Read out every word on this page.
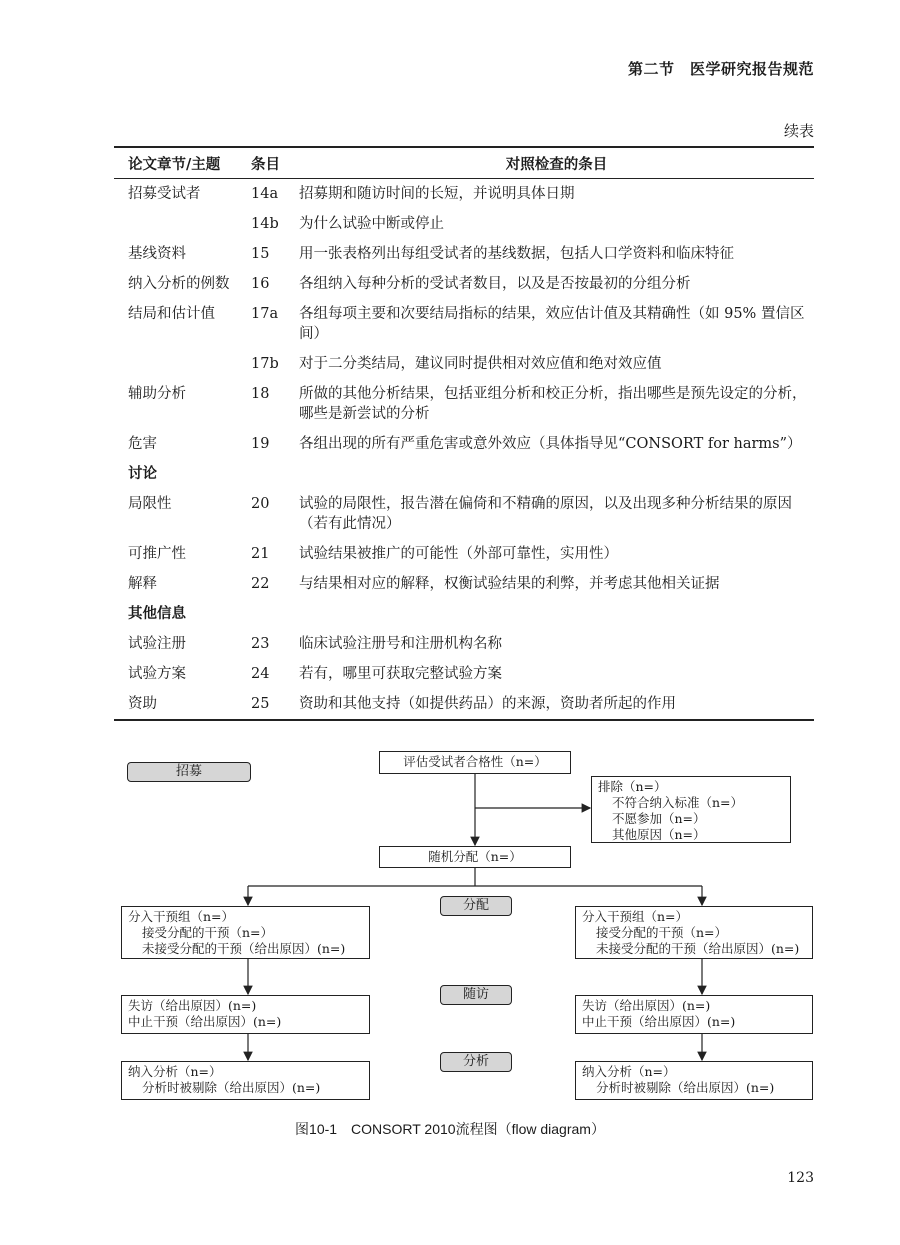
第二节　医学研究报告规范
续表
论文章节/主题	条目	对照检查的条目
招募受试者	14a	招募期和随访时间的长短，并说明具体日期
	14b	为什么试验中断或停止
基线资料	15	用一张表格列出每组受试者的基线数据，包括人口学资料和临床特征
纳入分析的例数	16	各组纳入每种分析的受试者数目，以及是否按最初的分组分析
结局和估计值	17a	各组每项主要和次要结局指标的结果，效应估计值及其精确性（如 95% 置信区间）
	17b	对于二分类结局，建议同时提供相对效应值和绝对效应值
辅助分析	18	所做的其他分析结果，包括亚组分析和校正分析，指出哪些是预先设定的分析，哪些是新尝试的分析
危害	19	各组出现的所有严重危害或意外效应（具体指导见“CONSORT for harms”）
讨论		
局限性	20	试验的局限性，报告潜在偏倚和不精确的原因，以及出现多种分析结果的原因（若有此情况）
可推广性	21	试验结果被推广的可能性（外部可靠性，实用性）
解释	22	与结果相对应的解释，权衡试验结果的利弊，并考虑其他相关证据
其他信息		
试验注册	23	临床试验注册号和注册机构名称
试验方案	24	若有，哪里可获取完整试验方案
资助	25	资助和其他支持（如提供药品）的来源，资助者所起的作用
招募
分配
随访
分析
评估受试者合格性（n=）
排除（n=）
不符合纳入标准（n=）
不愿参加（n=）
其他原因（n=）
随机分配（n=）
分入干预组（n=）
接受分配的干预（n=）
未接受分配的干预（给出原因）(n=)
分入干预组（n=）
接受分配的干预（n=）
未接受分配的干预（给出原因）(n=)
失访（给出原因）(n=)
中止干预（给出原因）(n=)
失访（给出原因）(n=)
中止干预（给出原因）(n=)
纳入分析（n=）
分析时被剔除（给出原因）(n=)
纳入分析（n=）
分析时被剔除（给出原因）(n=)
图10-1　CONSORT 2010流程图（flow diagram）
123
